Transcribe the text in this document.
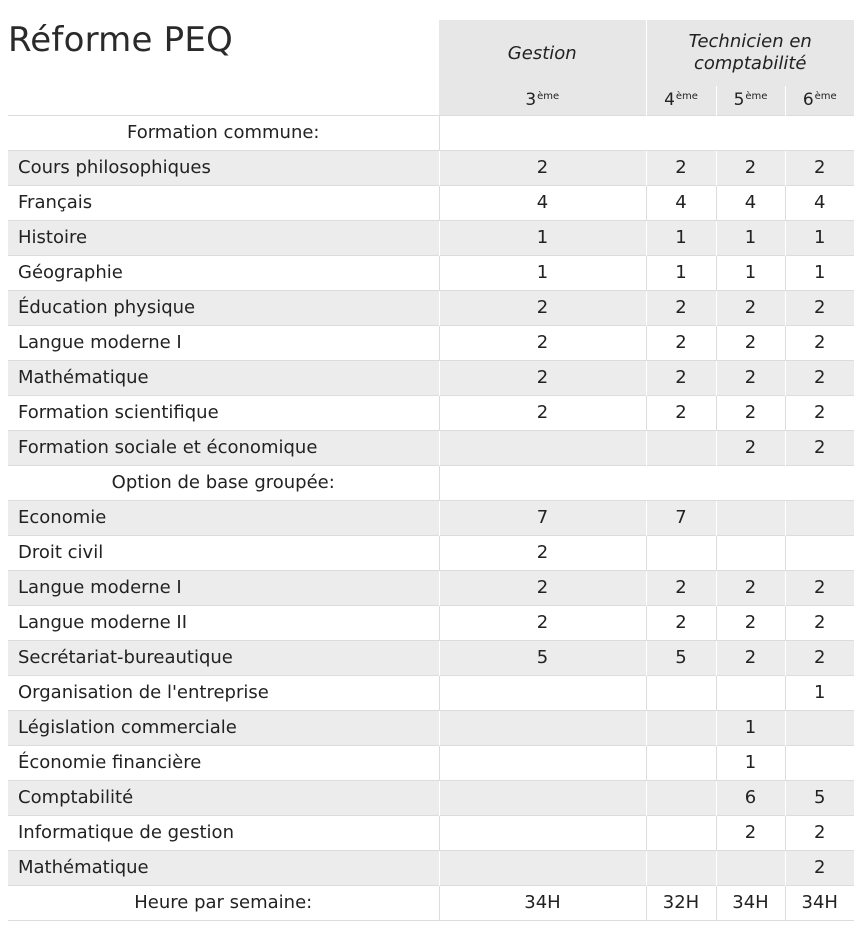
Réforme PEQ
		Gestion	Technicien en comptabilité		
	3ème	4ème	5ème	6ème
Formation commune:				
Cours philosophiques	2	2	2	2
Français	4	4	4	4
Histoire	1	1	1	1
Géographie	1	1	1	1
Éducation physique	2	2	2	2
Langue moderne I	2	2	2	2
Mathématique	2	2	2	2
Formation scientifique	2	2	2	2
Formation sociale et économique			2	2
Option de base groupée:				
Economie	7	7		
Droit civil	2			
Langue moderne I	2	2	2	2
Langue moderne II	2	2	2	2
Secrétariat-bureautique	5	5	2	2
Organisation de l'entreprise				1
Législation commerciale			1	
Économie financière			1	
Comptabilité			6	5
Informatique de gestion			2	2
Mathématique				2
Heure par semaine:	34H	32H	34H	34H
